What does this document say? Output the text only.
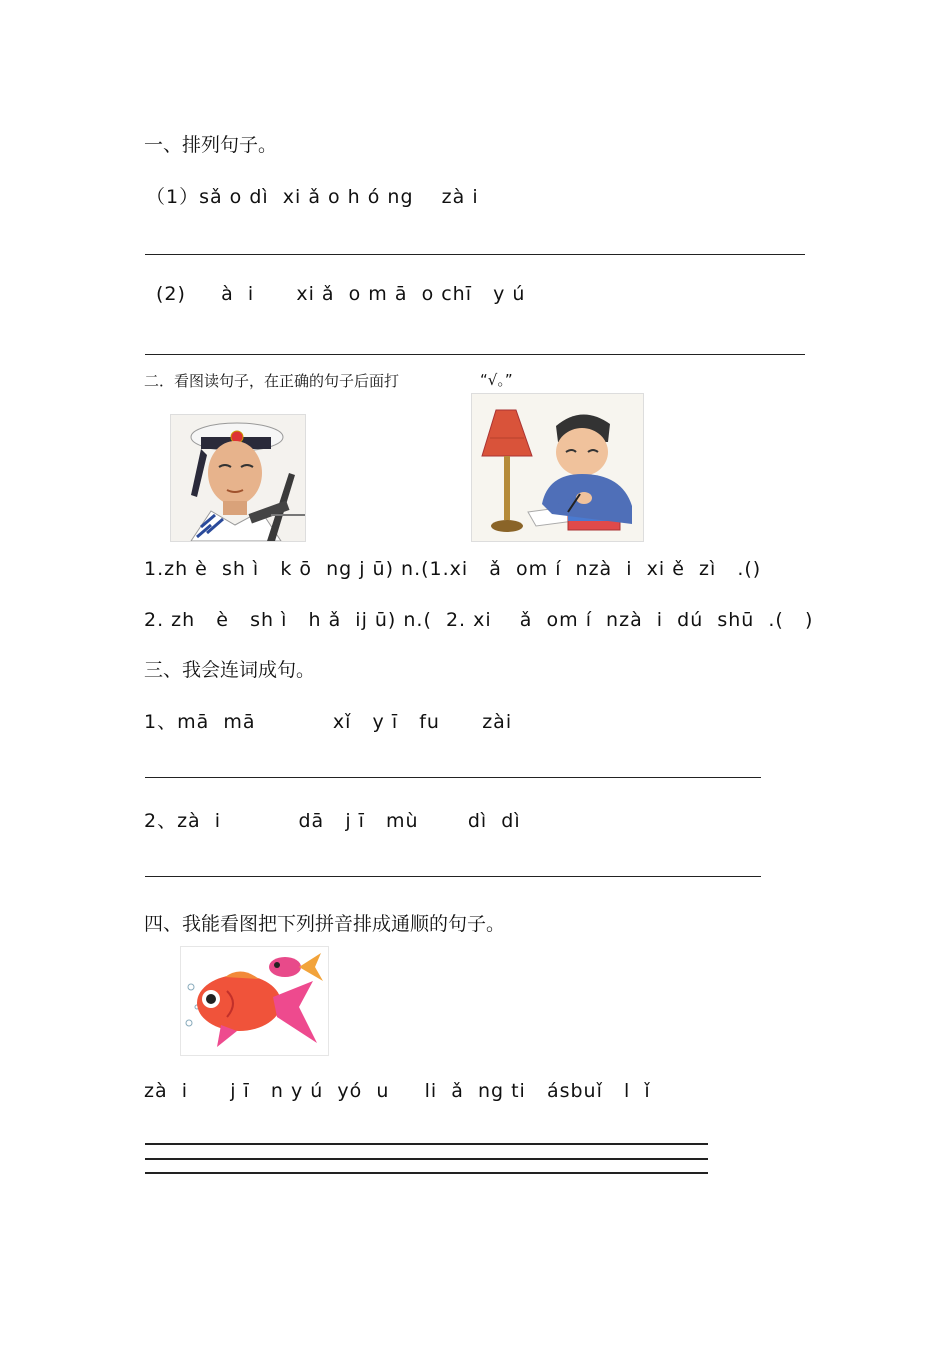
一、排列句子。
（1）sǎ o dì  xi ǎ o h ó ng    zà i
(2)     à  i      xi ǎ  o m ā  o chī   y ú
二．看图读句子，在正确的句子后面打	“√。”
1.zh è  sh ì   k ō  ng j ū) n.(1.xi   ǎ  om í  nzà  i  xi ě  zì   .()
2. zh   è   sh ì   h ǎ  ij ū) n.(  2. xi    ǎ  om í  nzà  i  dú  shū  .(   )
三、我会连词成句。
1、mā  mā           xǐ   y ī   fu      zài
2、zà  i           dā   j ī   mù       dì  dì
四、我能看图把下列拼音排成通顺的句子。
zà  i      j ī   n y ú  yó  u     li  ǎ  ng ti   ásbuǐ   l  ǐ
